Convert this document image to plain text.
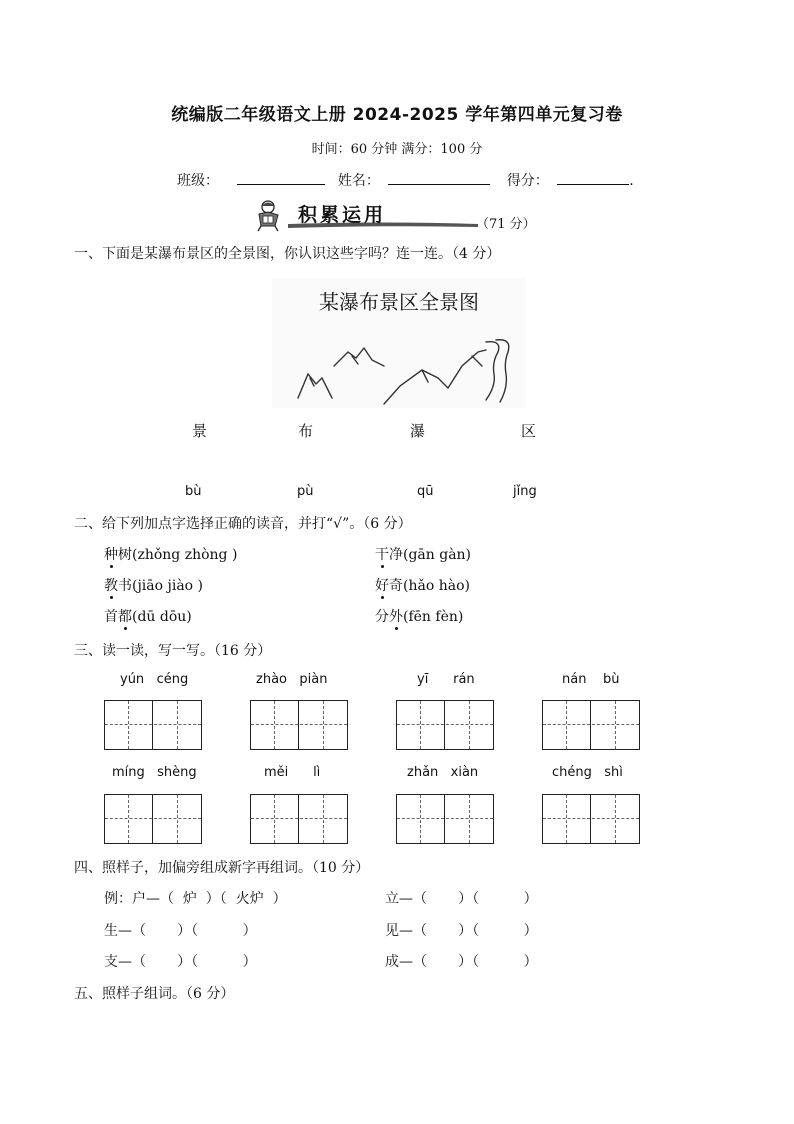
统编版二年级语文上册 2024-2025 学年第四单元复习卷
时间：60 分钟 满分：100 分
班级：	姓名：	得分：	.
积累运用	（71 分）
一、下面是某瀑布景区的全景图，你认识这些字吗？连一连。（4 分）
某瀑布景区全景图
景	布	瀑	区
bù	pù	qū	jǐng
二、给下列加点字选择正确的读音，并打“√”。（6 分）
种树(zhǒng zhòng )	干净(gān gàn)
教书(jiāo jiào )	好奇(hǎo hào)
首都(dū dōu)	分外(fēn fèn)
三、读一读，写一写。（16 分）
yún   céng	zhào   piàn	yī      rán	nán    bù
míng   shèng	měi      lì	zhǎn   xiàn	chéng   shì
四、照样子，加偏旁组成新字再组词。（10 分）
例：户—（  炉  ）（  火炉  ）	立—（       ）（          ）
生—（       ）（          ）	见—（       ）（          ）
支—（       ）（          ）	成—（       ）（          ）
五、照样子组词。（6 分）
